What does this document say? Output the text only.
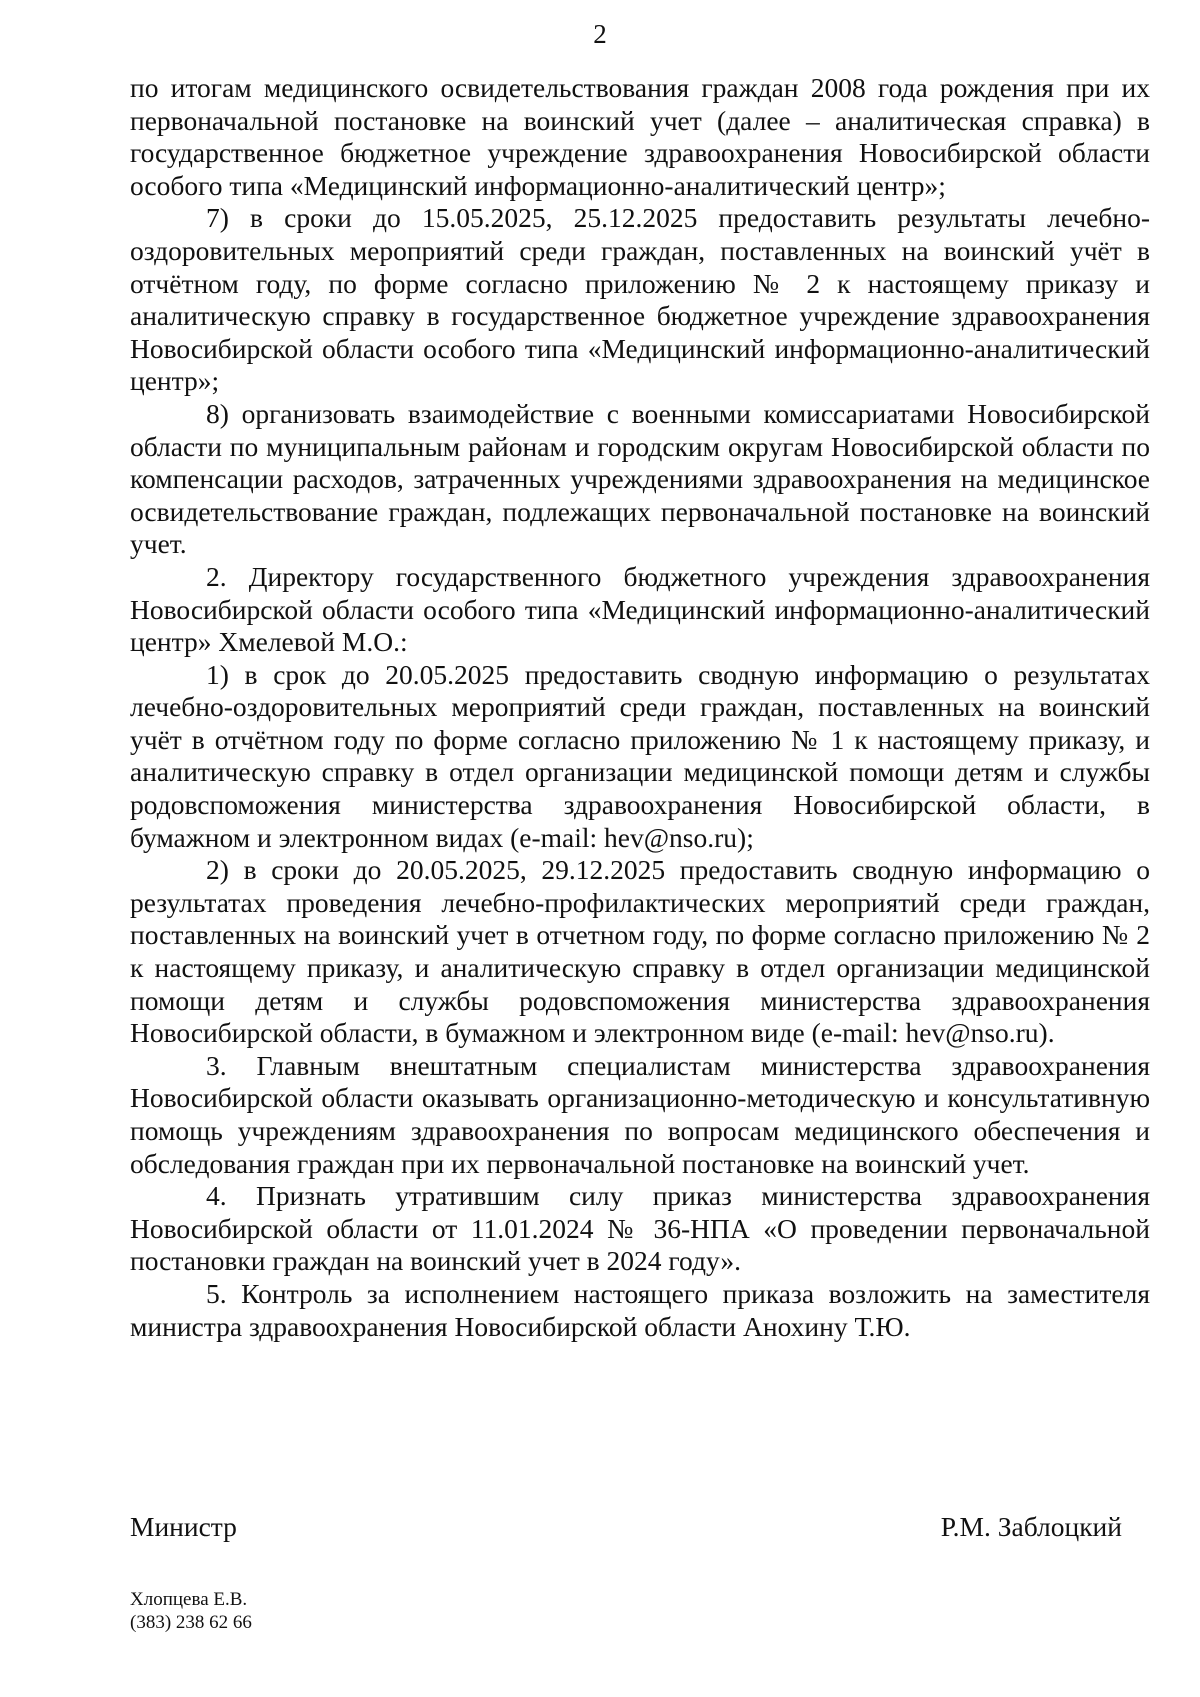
2

по итогам медицинского освидетельствования граждан 2008 года рождения при их первоначальной постановке на воинский учет (далее – аналитическая справка) в государственное бюджетное учреждение здравоохранения Новосибирской области особого типа «Медицинский информационно-аналитический центр»;

7) в сроки до 15.05.2025, 25.12.2025 предоставить результаты лечебно-оздоровительных мероприятий среди граждан, поставленных на воинский учёт в отчётном году, по форме согласно приложению № 2 к настоящему приказу и аналитическую справку в государственное бюджетное учреждение здравоохранения Новосибирской области особого типа «Медицинский информационно-аналитический центр»;

8) организовать взаимодействие с военными комиссариатами Новосибирской области по муниципальным районам и городским округам Новосибирской области по компенсации расходов, затраченных учреждениями здравоохранения на медицинское освидетельствование граждан, подлежащих первоначальной постановке на воинский учет.

2. Директору государственного бюджетного учреждения здравоохранения Новосибирской области особого типа «Медицинский информационно-аналитический центр» Хмелевой М.О.:

1) в срок до 20.05.2025 предоставить сводную информацию о результатах лечебно-оздоровительных мероприятий среди граждан, поставленных на воинский учёт в отчётном году по форме согласно приложению № 1 к настоящему приказу, и аналитическую справку в отдел организации медицинской помощи детям и службы родовспоможения министерства здравоохранения Новосибирской области, в бумажном и электронном видах (e-mail: hev@nso.ru);

2) в сроки до 20.05.2025, 29.12.2025 предоставить сводную информацию о результатах проведения лечебно-профилактических мероприятий среди граждан, поставленных на воинский учет в отчетном году, по форме согласно приложению № 2 к настоящему приказу, и аналитическую справку в отдел организации медицинской помощи детям и службы родовспоможения министерства здравоохранения Новосибирской области, в бумажном и электронном виде (e-mail: hev@nso.ru).

3. Главным внештатным специалистам министерства здравоохранения Новосибирской области оказывать организационно-методическую и консультативную помощь учреждениям здравоохранения по вопросам медицинского обеспечения и обследования граждан при их первоначальной постановке на воинский учет.

4. Признать утратившим силу приказ министерства здравоохранения Новосибирской области от 11.01.2024 № 36-НПА «О проведении первоначальной постановки граждан на воинский учет в 2024 году».

5. Контроль за исполнением настоящего приказа возложить на заместителя министра здравоохранения Новосибирской области Анохину Т.Ю.

Министр	Р.М. Заблоцкий
Хлопцева Е.В.
(383) 238 62 66
